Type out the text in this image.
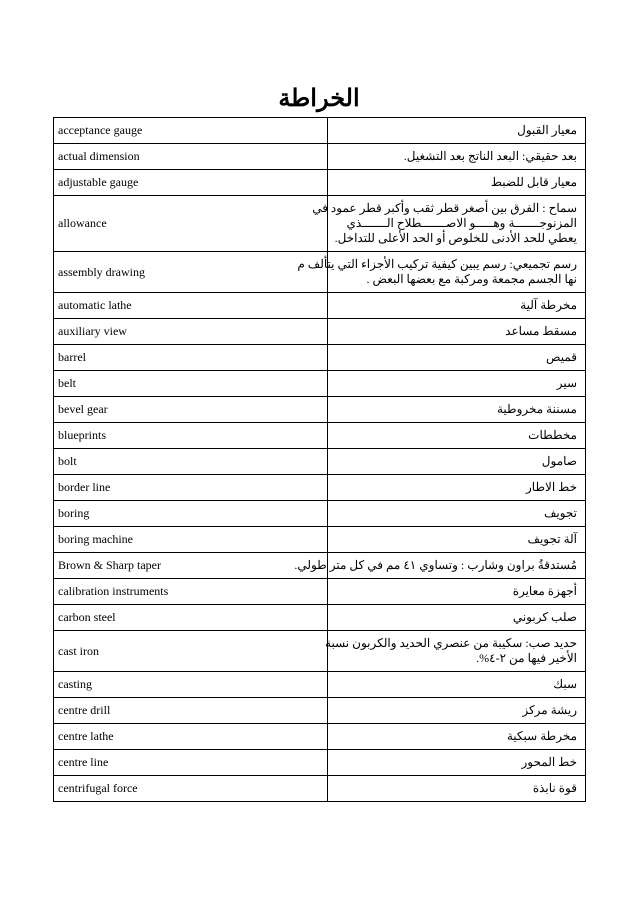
الخراطة
acceptance gauge	معيار القبول

actual dimension	بعد حقيقي: البعد الناتج بعد التشغيل.

adjustable gauge	معيار قابل للضبط

allowance	سماح : الفرق بين أصغر قطر ثقب وأكبر قطر عمود في
المزنوجـــــــة وهـــــو الاصـــــــطلاح الـــــــذي
يعطي للحد الأدنى للخلوص أو الحد الأعلى للتداخل.

assembly drawing	رسم تجميعي: رسم يبين كيفية تركيب الأجزاء التي يتألف م
نها الجسم مجمعة ومركبة مع بعضها البعض .

automatic lathe	مخرطة آلية

auxiliary view	مسقط مساعد

barrel	قميص

belt	سير

bevel gear	مسننة مخروطية

blueprints	مخططات

bolt	صامول

border line	خط الاطار

boring	تجويف

boring machine	آلة تجويف

Brown & Sharp taper	مُستدقةُ براون وشارب : وتساوي ٤١ مم في كل متر طولي.

calibration instruments	أجهزة معايرة

carbon steel	صلب كربوني

cast iron	حديد صب: سكيبة من عنصري الحديد والكربون نسبة
الأخير فيها من ٢-٤%.

casting	سبك

centre drill	ريشة مركز

centre lathe	مخرطة سبكية

centre line	خط المحور

centrifugal force	قوة نابذة
